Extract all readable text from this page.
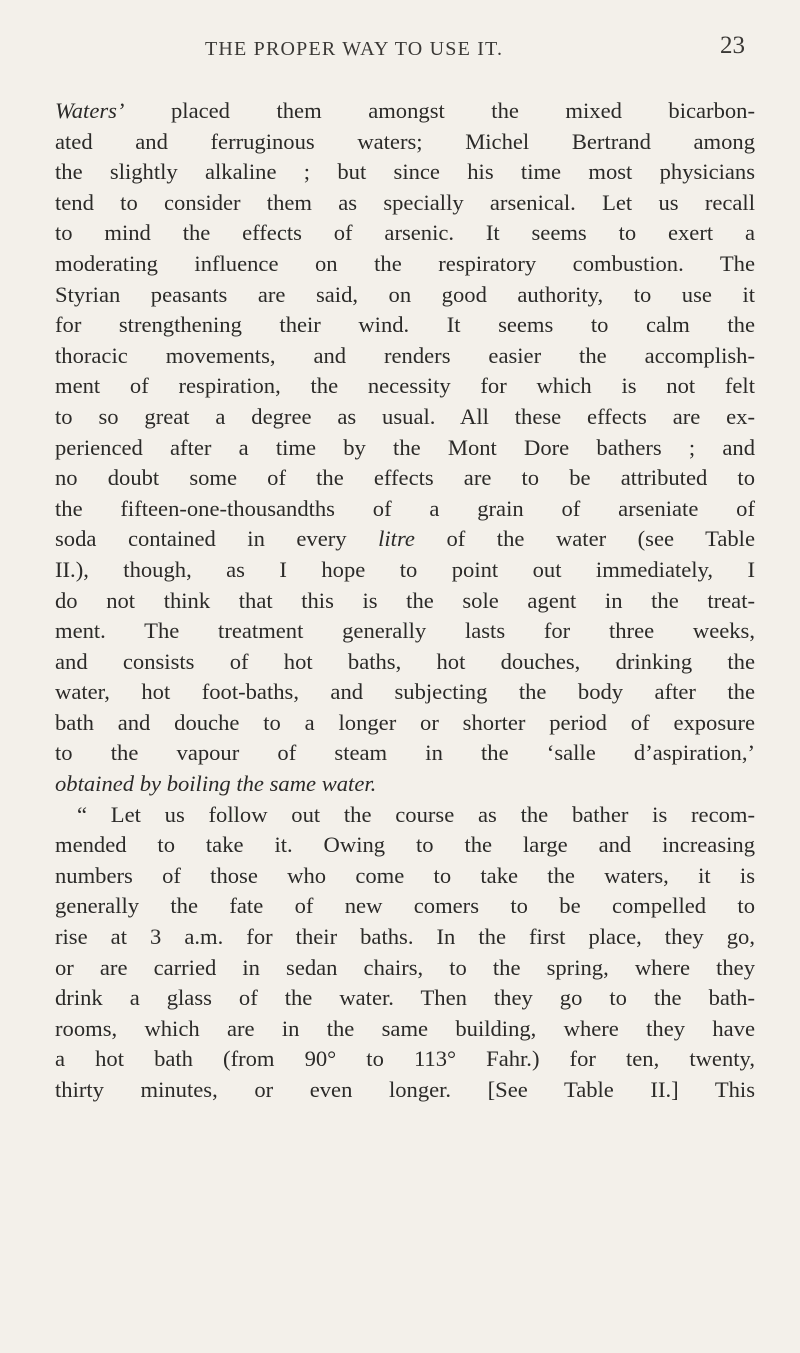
THE PROPER WAY TO USE IT.	23
Waters’ placed them amongst the mixed bicarbon-
ated and ferruginous waters; Michel Bertrand among
the slightly alkaline ; but since his time most physicians
tend to consider them as specially arsenical. Let us recall
to mind the effects of arsenic. It seems to exert a
moderating influence on the respiratory combustion. The
Styrian peasants are said, on good authority, to use it
for strengthening their wind. It seems to calm the
thoracic movements, and renders easier the accomplish-
ment of respiration, the necessity for which is not felt
to so great a degree as usual. All these effects are ex-
perienced after a time by the Mont Dore bathers ; and
no doubt some of the effects are to be attributed to
the fifteen-one-thousandths of a grain of arseniate of
soda contained in every litre of the water (see Table
II.), though, as I hope to point out immediately, I
do not think that this is the sole agent in the treat-
ment. The treatment generally lasts for three weeks,
and consists of hot baths, hot douches, drinking the
water, hot foot-baths, and subjecting the body after the
bath and douche to a longer or shorter period of exposure
to the vapour of steam in the ‘salle d’aspiration,’
obtained by boiling the same water.
“ Let us follow out the course as the bather is recom-
mended to take it. Owing to the large and increasing
numbers of those who come to take the waters, it is
generally the fate of new comers to be compelled to
rise at 3 a.m. for their baths. In the first place, they go,
or are carried in sedan chairs, to the spring, where they
drink a glass of the water. Then they go to the bath-
rooms, which are in the same building, where they have
a hot bath (from 90° to 113° Fahr.) for ten, twenty,
thirty minutes, or even longer. [See Table II.] This
